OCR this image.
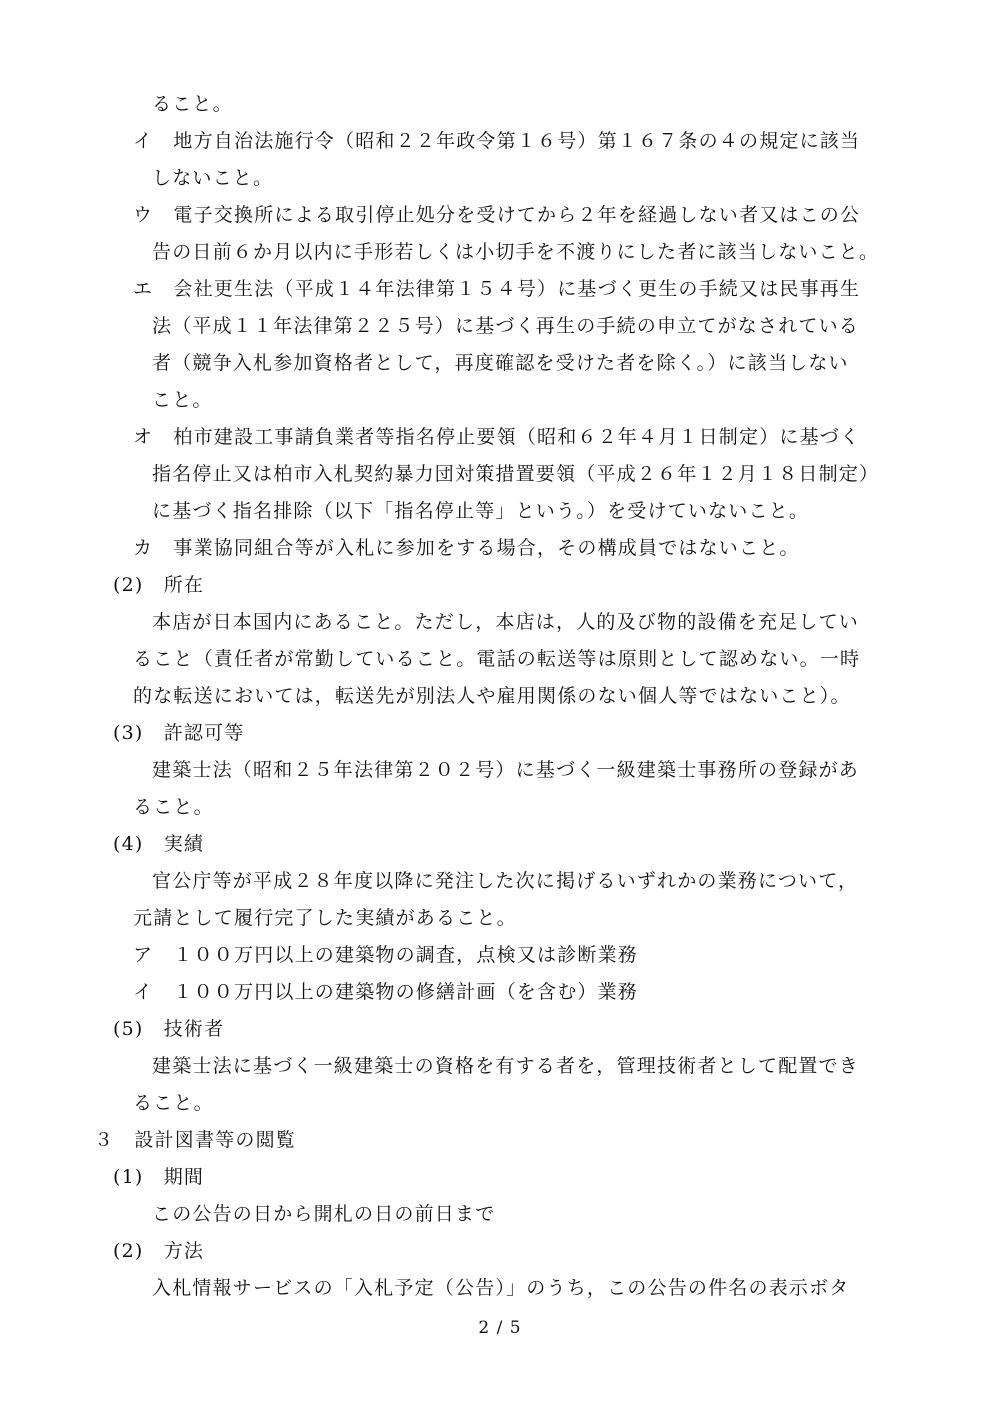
ること。
イ　地方自治法施行令（昭和２２年政令第１６号）第１６７条の４の規定に該当
しないこと。
ウ　電子交換所による取引停止処分を受けてから２年を経過しない者又はこの公
告の日前６か月以内に手形若しくは小切手を不渡りにした者に該当しないこと。
エ　会社更生法（平成１４年法律第１５４号）に基づく更生の手続又は民事再生
法（平成１１年法律第２２５号）に基づく再生の手続の申立てがなされている
者（競争入札参加資格者として，再度確認を受けた者を除く。）に該当しない
こと。
オ　柏市建設工事請負業者等指名停止要領（昭和６２年４月１日制定）に基づく
指名停止又は柏市入札契約暴力団対策措置要領（平成２６年１２月１８日制定）
に基づく指名排除（以下「指名停止等」という。）を受けていないこと。
カ　事業協同組合等が入札に参加をする場合，その構成員ではないこと。
(2)　所在
本店が日本国内にあること。ただし，本店は，人的及び物的設備を充足してい
ること（責任者が常勤していること。電話の転送等は原則として認めない。一時
的な転送においては，転送先が別法人や雇用関係のない個人等ではないこと）。
(3)　許認可等
建築士法（昭和２５年法律第２０２号）に基づく一級建築士事務所の登録があ
ること。
(4)　実績
官公庁等が平成２８年度以降に発注した次に掲げるいずれかの業務について，
元請として履行完了した実績があること。
ア　１００万円以上の建築物の調査，点検又は診断業務
イ　１００万円以上の建築物の修繕計画（を含む）業務
(5)　技術者
建築士法に基づく一級建築士の資格を有する者を，管理技術者として配置でき
ること。
３　設計図書等の閲覧
(1)　期間
この公告の日から開札の日の前日まで
(2)　方法
入札情報サービスの「入札予定（公告）」のうち，この公告の件名の表示ボタ
2 / 5
